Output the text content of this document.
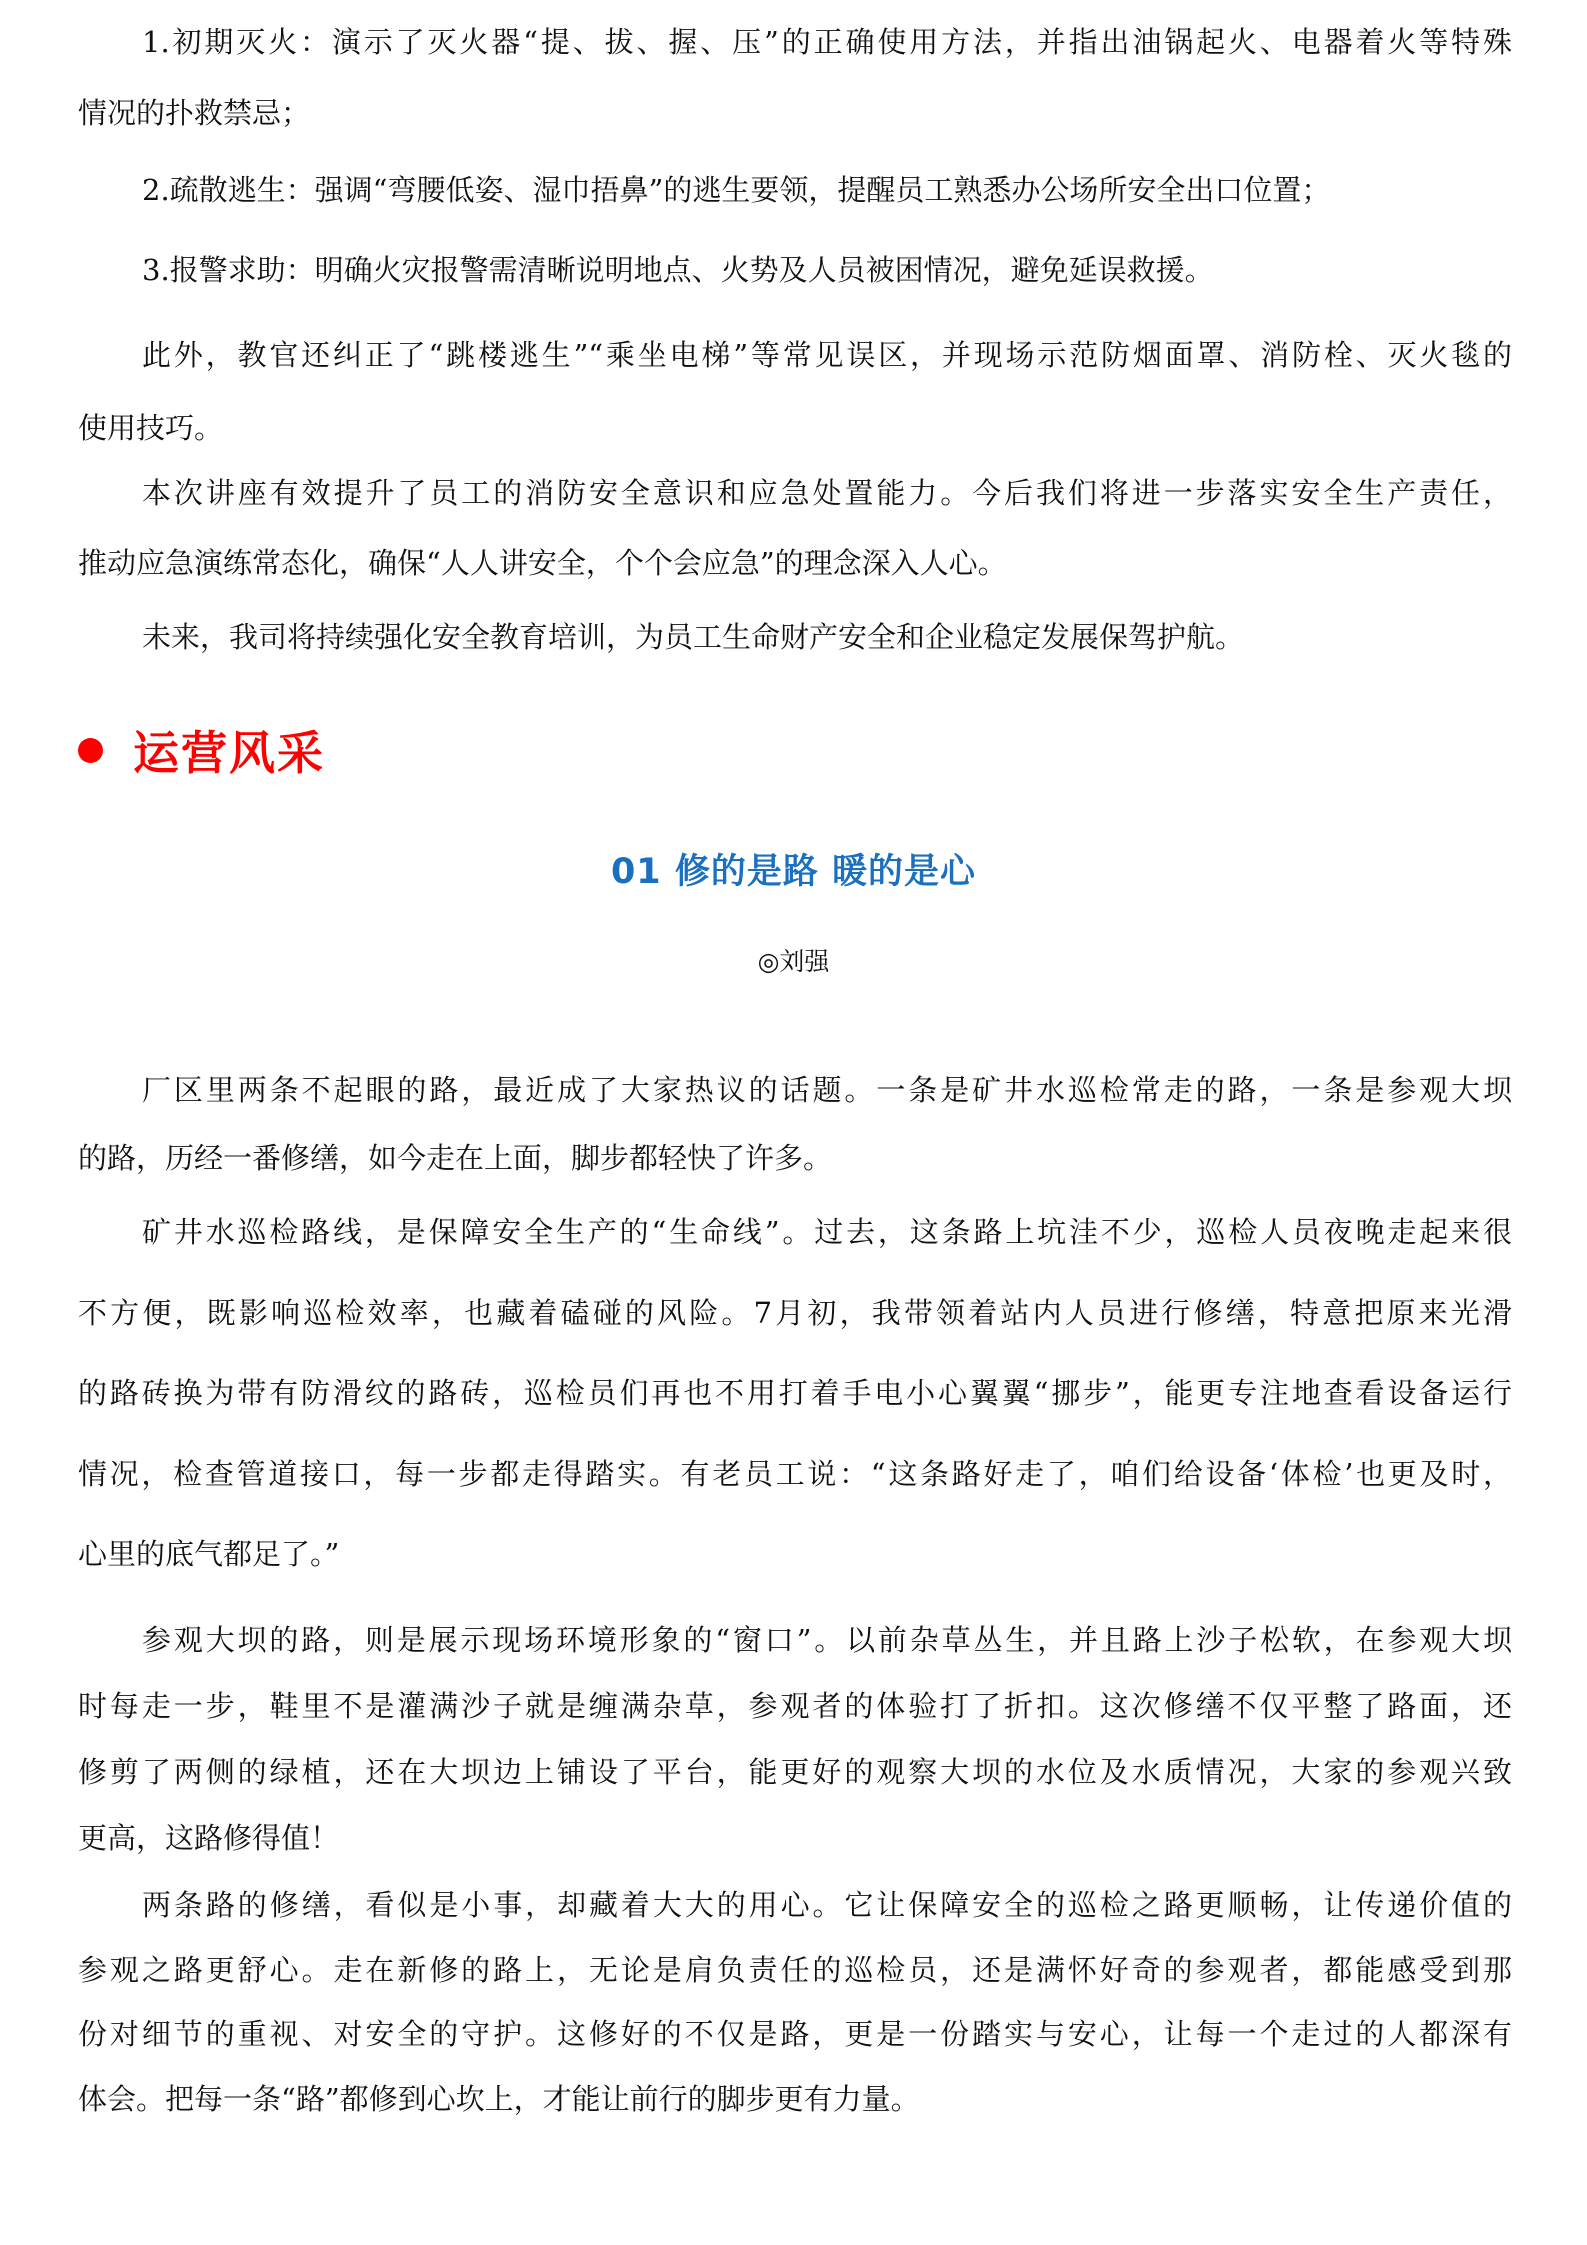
1.初期灭火：演示了灭火器“提、拔、握、压”的正确使用方法，并指出油锅起火、电器着火等特殊
情况的扑救禁忌；
2.疏散逃生：强调“弯腰低姿、湿巾捂鼻”的逃生要领，提醒员工熟悉办公场所安全出口位置；
3.报警求助：明确火灾报警需清晰说明地点、火势及人员被困情况，避免延误救援。
此外，教官还纠正了“跳楼逃生”“乘坐电梯”等常见误区，并现场示范防烟面罩、消防栓、灭火毯的
使用技巧。
本次讲座有效提升了员工的消防安全意识和应急处置能力。今后我们将进一步落实安全生产责任，
推动应急演练常态化，确保“人人讲安全，个个会应急”的理念深入人心。
未来，我司将持续强化安全教育培训，为员工生命财产安全和企业稳定发展保驾护航。
运营风采
01 修的是路 暖的是心
◎刘强
厂区里两条不起眼的路，最近成了大家热议的话题。一条是矿井水巡检常走的路，一条是参观大坝
的路，历经一番修缮，如今走在上面，脚步都轻快了许多。
矿井水巡检路线，是保障安全生产的“生命线”。过去，这条路上坑洼不少，巡检人员夜晚走起来很
不方便，既影响巡检效率，也藏着磕碰的风险。7月初，我带领着站内人员进行修缮，特意把原来光滑
的路砖换为带有防滑纹的路砖，巡检员们再也不用打着手电小心翼翼“挪步”，能更专注地查看设备运行
情况，检查管道接口，每一步都走得踏实。有老员工说：“这条路好走了，咱们给设备‘体检’也更及时，
心里的底气都足了。”
参观大坝的路，则是展示现场环境形象的“窗口”。以前杂草丛生，并且路上沙子松软，在参观大坝
时每走一步，鞋里不是灌满沙子就是缠满杂草，参观者的体验打了折扣。这次修缮不仅平整了路面，还
修剪了两侧的绿植，还在大坝边上铺设了平台，能更好的观察大坝的水位及水质情况，大家的参观兴致
更高，这路修得值！
两条路的修缮，看似是小事，却藏着大大的用心。它让保障安全的巡检之路更顺畅，让传递价值的
参观之路更舒心。走在新修的路上，无论是肩负责任的巡检员，还是满怀好奇的参观者，都能感受到那
份对细节的重视、对安全的守护。这修好的不仅是路，更是一份踏实与安心，让每一个走过的人都深有
体会。把每一条“路”都修到心坎上，才能让前行的脚步更有力量。
